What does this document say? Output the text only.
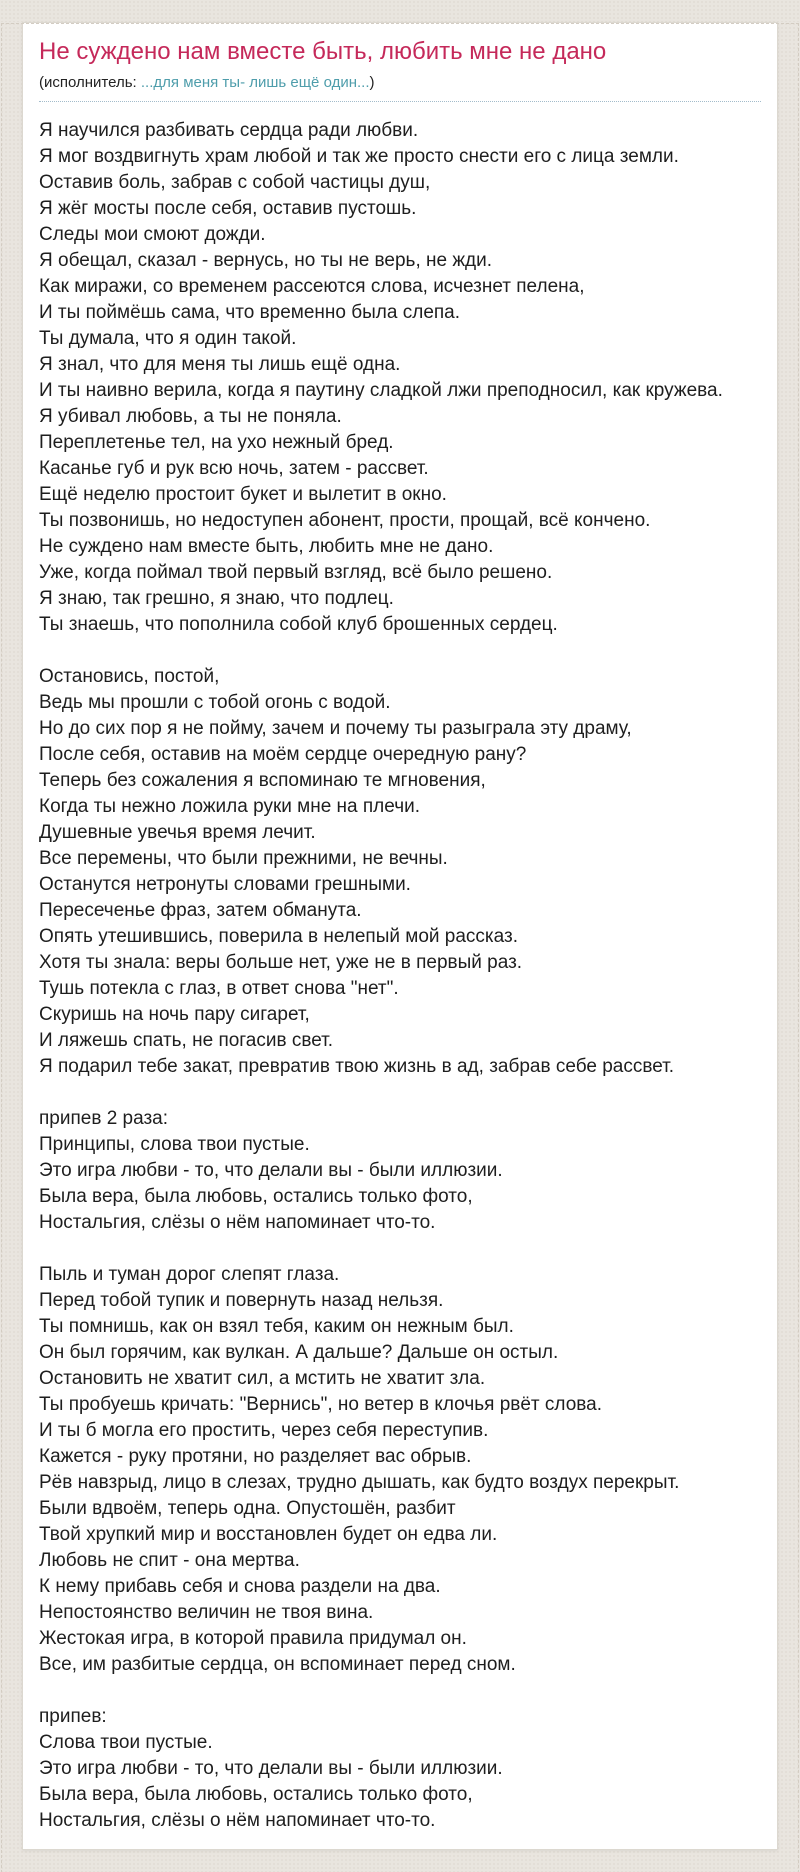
Не суждено нам вместе быть, любить мне не дано
(исполнитель: ...для меня ты- лишь ещё один...)
Я научился разбивать сердца ради любви.
Я мог воздвигнуть храм любой и так же просто снести его с лица земли.
Оставив боль, забрав с собой частицы душ,
Я жёг мосты после себя, оставив пустошь.
Следы мои смоют дожди.
Я обещал, сказал - вернусь, но ты не верь, не жди.
Как миражи, со временем рассеются слова, исчезнет пелена,
И ты поймёшь сама, что временно была слепа.
Ты думала, что я один такой.
Я знал, что для меня ты лишь ещё одна.
И ты наивно верила, когда я паутину сладкой лжи преподносил, как кружева.
Я убивал любовь, а ты не поняла.
Переплетенье тел, на ухо нежный бред.
Касанье губ и рук всю ночь, затем - рассвет.
Ещё неделю простоит букет и вылетит в окно.
Ты позвонишь, но недоступен абонент, прости, прощай, всё кончено.
Не суждено нам вместе быть, любить мне не дано.
Уже, когда поймал твой первый взгляд, всё было решено.
Я знаю, так грешно, я знаю, что подлец.
Ты знаешь, что пополнила собой клуб брошенных сердец.
Остановись, постой,
Ведь мы прошли с тобой огонь с водой.
Но до сих пор я не пойму, зачем и почему ты разыграла эту драму,
После себя, оставив на моём сердце очередную рану?
Теперь без сожаления я вспоминаю те мгновения,
Когда ты нежно ложила руки мне на плечи.
Душевные увечья время лечит.
Все перемены, что были прежними, не вечны.
Останутся нетронуты словами грешными.
Пересеченье фраз, затем обманута.
Опять утешившись, поверила в нелепый мой рассказ.
Хотя ты знала: веры больше нет, уже не в первый раз.
Тушь потекла с глаз, в ответ снова "нет".
Скуришь на ночь пару сигарет,
И ляжешь спать, не погасив свет.
Я подарил тебе закат, превратив твою жизнь в ад, забрав себе рассвет.
припев 2 раза:
Принципы, слова твои пустые.
Это игра любви - то, что делали вы - были иллюзии.
Была вера, была любовь, остались только фото,
Ностальгия, слёзы о нём напоминает что-то.
Пыль и туман дорог слепят глаза.
Перед тобой тупик и повернуть назад нельзя.
Ты помнишь, как он взял тебя, каким он нежным был.
Он был горячим, как вулкан. А дальше? Дальше он остыл.
Остановить не хватит сил, а мстить не хватит зла.
Ты пробуешь кричать: "Вернись", но ветер в клочья рвёт слова.
И ты б могла его простить, через себя переступив.
Кажется - руку протяни, но разделяет вас обрыв.
Рёв навзрыд, лицо в слезах, трудно дышать, как будто воздух перекрыт.
Были вдвоём, теперь одна. Опустошён, разбит
Твой хрупкий мир и восстановлен будет он едва ли.
Любовь не спит - она мертва.
К нему прибавь себя и снова раздели на два.
Непостоянство величин не твоя вина.
Жестокая игра, в которой правила придумал он.
Все, им разбитые сердца, он вспоминает перед сном.
припев:
Слова твои пустые.
Это игра любви - то, что делали вы - были иллюзии.
Была вера, была любовь, остались только фото,
Ностальгия, слёзы о нём напоминает что-то.
